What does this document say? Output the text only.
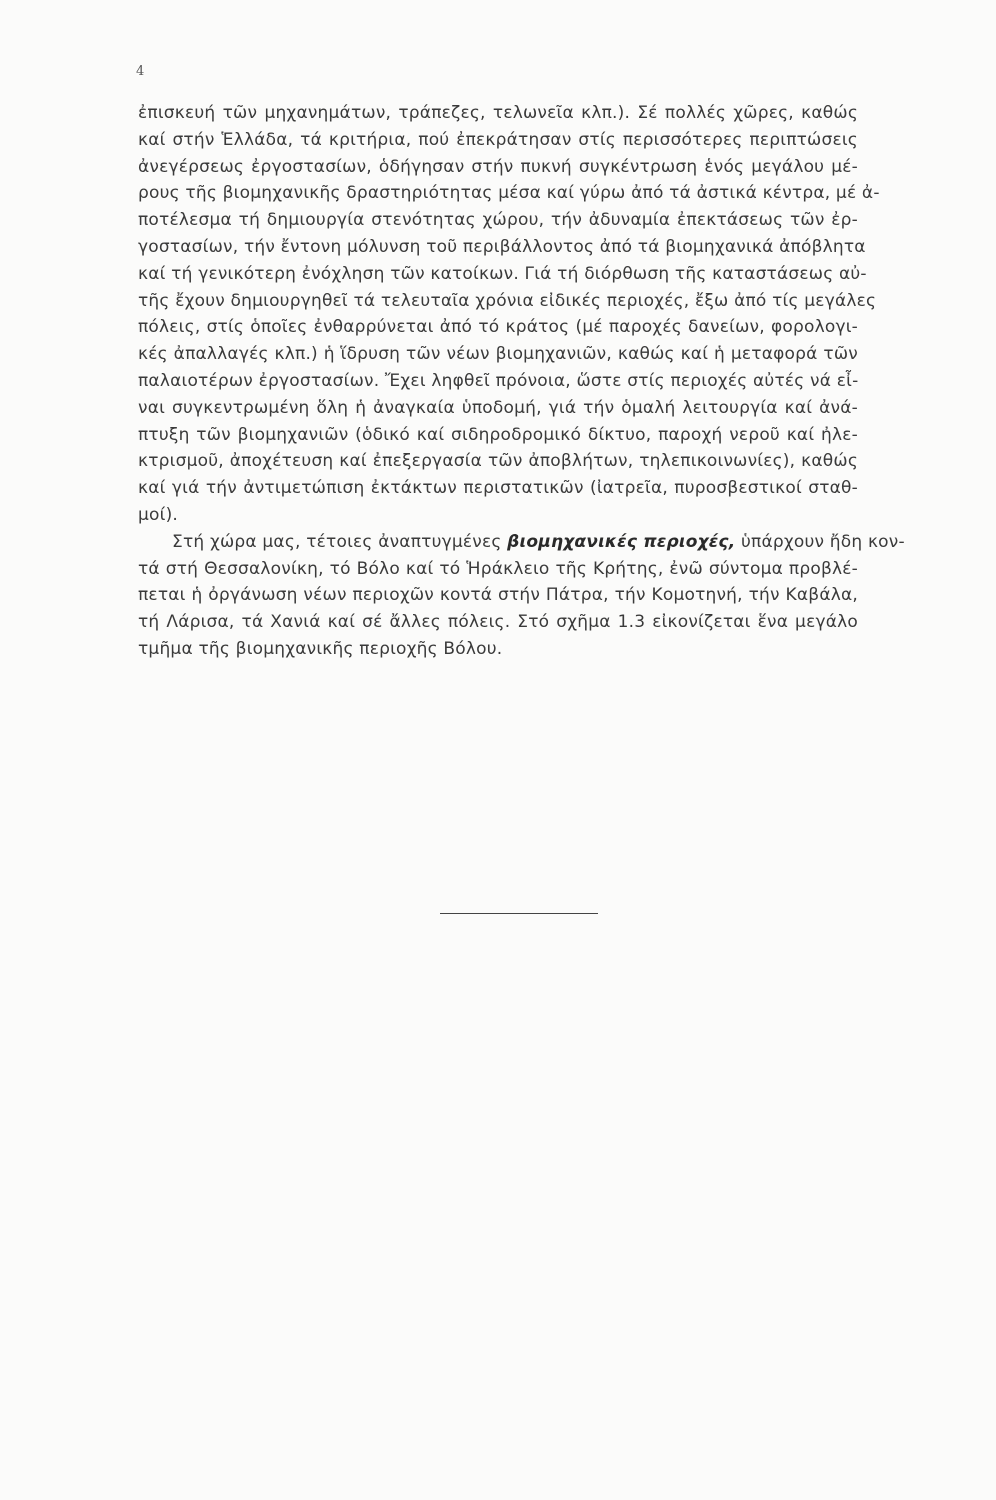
4
ἐπισκευή τῶν μηχανημάτων, τράπεζες, τελωνεῖα κλπ.). Σέ πολλές χῶρες, καθώς
καί στήν Ἑλλάδα, τά κριτήρια, πού ἐπεκράτησαν στίς περισσότερες περιπτώσεις
ἀνεγέρσεως ἐργοστασίων, ὁδήγησαν στήν πυκνή συγκέντρωση ἑνός μεγάλου μέ-
ρους τῆς βιομηχανικῆς δραστηριότητας μέσα καί γύρω ἀπό τά ἀστικά κέντρα, μέ ἀ-
ποτέλεσμα τή δημιουργία στενότητας χώρου, τήν ἀδυναμία ἐπεκτάσεως τῶν ἐρ-
γοστασίων, τήν ἔντονη μόλυνση τοῦ περιβάλλοντος ἀπό τά βιομηχανικά ἀπόβλητα
καί τή γενικότερη ἐνόχληση τῶν κατοίκων. Γιά τή διόρθωση τῆς καταστάσεως αὐ-
τῆς ἔχουν δημιουργηθεῖ τά τελευταῖα χρόνια εἰδικές περιοχές, ἔξω ἀπό τίς μεγάλες
πόλεις, στίς ὁποῖες ἐνθαρρύνεται ἀπό τό κράτος (μέ παροχές δανείων, φορολογι-
κές ἀπαλλαγές κλπ.) ἡ ἵδρυση τῶν νέων βιομηχανιῶν, καθώς καί ἡ μεταφορά τῶν
παλαιοτέρων ἐργοστασίων. Ἔχει ληφθεῖ πρόνοια, ὥστε στίς περιοχές αὐτές νά εἶ-
ναι συγκεντρωμένη ὅλη ἡ ἀναγκαία ὑποδομή, γιά τήν ὁμαλή λειτουργία καί ἀνά-
πτυξη τῶν βιομηχανιῶν (ὁδικό καί σιδηροδρομικό δίκτυο, παροχή νεροῦ καί ἠλε-
κτρισμοῦ, ἀποχέτευση καί ἐπεξεργασία τῶν ἀποβλήτων, τηλεπικοινωνίες), καθώς
καί γιά τήν ἀντιμετώπιση ἐκτάκτων περιστατικῶν (ἰατρεῖα, πυροσβεστικοί σταθ-
μοί).
Στή χώρα μας, τέτοιες ἀναπτυγμένες βιομηχανικές περιοχές, ὑπάρχουν ἤδη κον-
τά στή Θεσσαλονίκη, τό Βόλο καί τό Ἡράκλειο τῆς Κρήτης, ἐνῶ σύντομα προβλέ-
πεται ἡ ὀργάνωση νέων περιοχῶν κοντά στήν Πάτρα, τήν Κομοτηνή, τήν Καβάλα,
τή Λάρισα, τά Χανιά καί σέ ἄλλες πόλεις. Στό σχῆμα 1.3 εἰκονίζεται ἕνα μεγάλο
τμῆμα τῆς βιομηχανικῆς περιοχῆς Βόλου.
